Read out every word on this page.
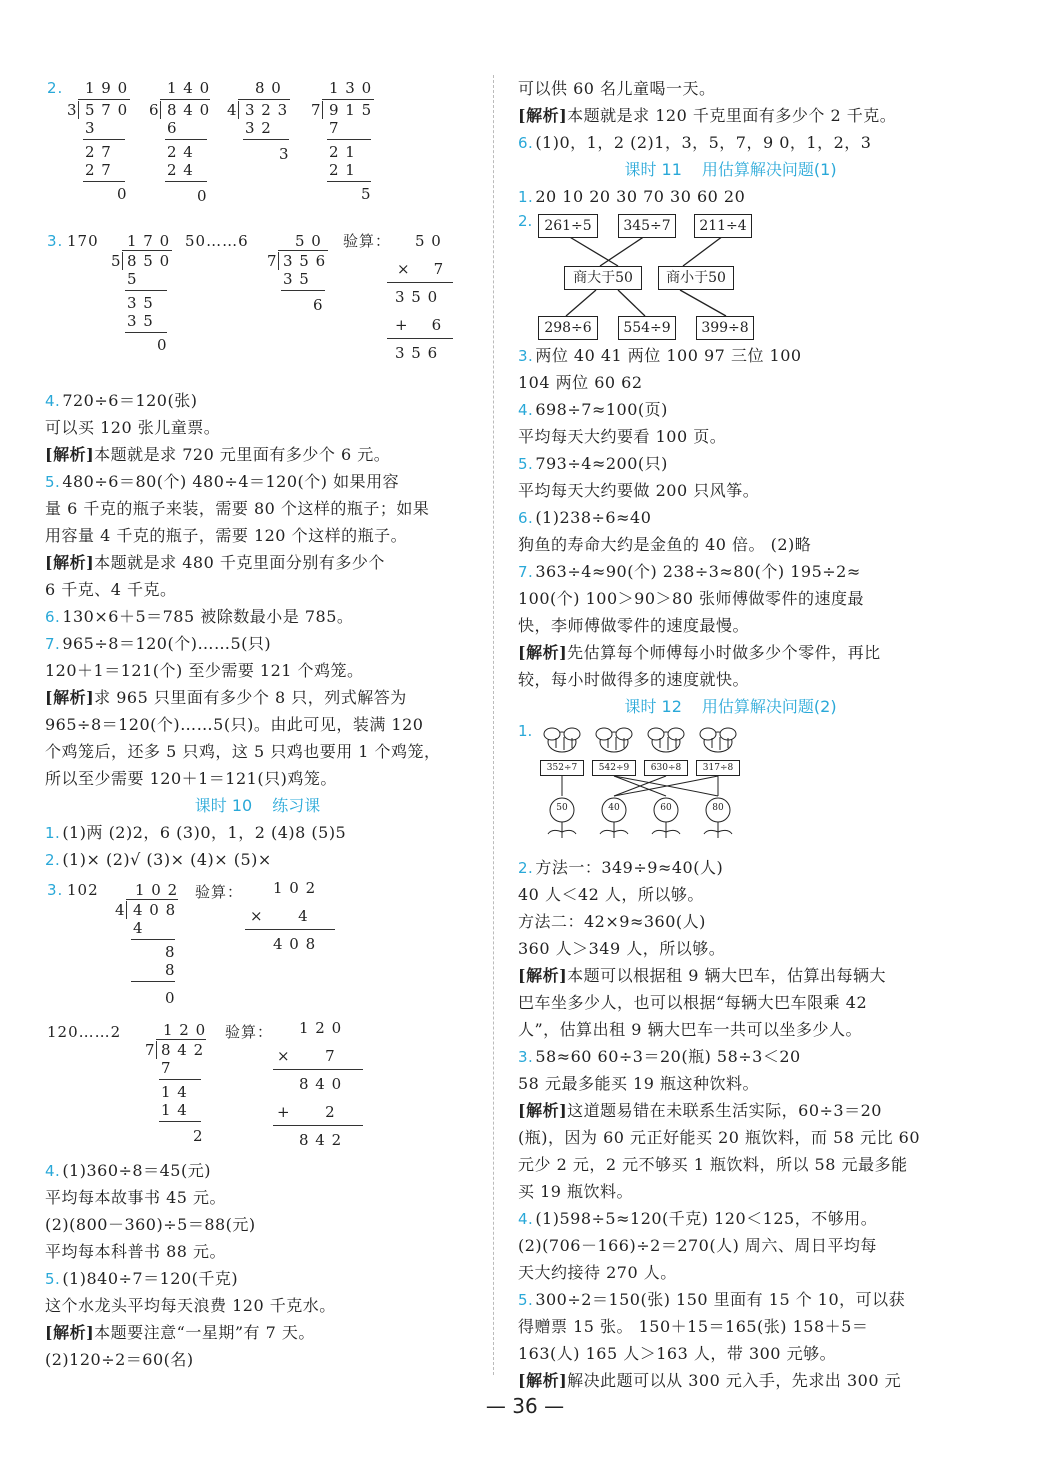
2. 1 9 0
3 5 7 0
3
2 7
2 7
0
1 4 0
6 8 4 0
6
2 4
2 4
0
8 0
4 3 2 3
3 2
3
1 3 0
7 9 1 5
7
2 1
2 1
5
3. 170 1 7 0
5 8 5 0
5
3 5
3 5
0
50……6	5 0
7 3 5 6
3 5
6
验算： 5 0
×    7
3 5 0
+    6
3 5 6
4. 720÷6＝120(张)
可以买 120 张儿童票。
[解析]本题就是求 720 元里面有多少个 6 元。
5. 480÷6＝80(个) 480÷4＝120(个) 如果用容
量 6 千克的瓶子来装，需要 80 个这样的瓶子；如果
用容量 4 千克的瓶子，需要 120 个这样的瓶子。
[解析]本题就是求 480 千克里面分别有多少个
6 千克、4 千克。
6. 130×6＋5＝785 被除数最小是 785。
7. 965÷8＝120(个)……5(只)
120＋1＝121(个) 至少需要 121 个鸡笼。
[解析]求 965 只里面有多少个 8 只，列式解答为
965÷8＝120(个)……5(只)。由此可见，装满 120
个鸡笼后，还多 5 只鸡，这 5 只鸡也要用 1 个鸡笼，
所以至少需要 120＋1＝121(只)鸡笼。
课时 10 练习课
1. (1)两 (2)2，6 (3)0，1，2 (4)8 (5)5
2. (1)× (2)√ (3)× (4)× (5)×
3. 102 1 0 2
4 4 0 8
4
8
8
0
验算： 1 0 2
×      4
4 0 8
120……2	1 2 0
7 8 4 2
7
1 4
1 4
2
验算： 1 2 0
×      7
8 4 0
+      2
8 4 2
4. (1)360÷8＝45(元)
平均每本故事书 45 元。
(2)(800－360)÷5＝88(元)
平均每本科普书 88 元。
5. (1)840÷7＝120(千克)
这个水龙头平均每天浪费 120 千克水。
[解析]本题要注意“一星期”有 7 天。
(2)120÷2＝60(名)
可以供 60 名儿童喝一天。
[解析]本题就是求 120 千克里面有多少个 2 千克。
6. (1)0，1，2 (2)1，3，5，7，9 0，1，2，3
课时 11 用估算解决问题(1)
1. 20 10 20 30 70 30 60 20
2. 261÷5	345÷7	211÷4
商大于50	商小于50
298÷6	554÷9	399÷8
3. 两位 40 41 两位 100 97 三位 100
104 两位 60 62
4. 698÷7≈100(页)
平均每天大约要看 100 页。
5. 793÷4≈200(只)
平均每天大约要做 200 只风筝。
6. (1)238÷6≈40
狗鱼的寿命大约是金鱼的 40 倍。 (2)略
7. 363÷4≈90(个) 238÷3≈80(个) 195÷2≈
100(个) 100＞90＞80 张师傅做零件的速度最
快，李师傅做零件的速度最慢。
[解析]先估算每个师傅每小时做多少个零件，再比
较，每小时做得多的速度就快。
课时 12 用估算解决问题(2)
1.
352÷7	542÷9	630÷8	317÷8
50	40	60	80
2. 方法一：349÷9≈40(人)
40 人＜42 人，所以够。
方法二：42×9≈360(人)
360 人＞349 人，所以够。
[解析]本题可以根据租 9 辆大巴车，估算出每辆大
巴车坐多少人，也可以根据“每辆大巴车限乘 42
人”，估算出租 9 辆大巴车一共可以坐多少人。
3. 58≈60 60÷3＝20(瓶) 58÷3＜20
58 元最多能买 19 瓶这种饮料。
[解析]这道题易错在未联系生活实际，60÷3＝20
(瓶)，因为 60 元正好能买 20 瓶饮料，而 58 元比 60
元少 2 元，2 元不够买 1 瓶饮料，所以 58 元最多能
买 19 瓶饮料。
4. (1)598÷5≈120(千克) 120＜125，不够用。
(2)(706－166)÷2＝270(人) 周六、周日平均每
天大约接待 270 人。
5. 300÷2＝150(张) 150 里面有 15 个 10，可以获
得赠票 15 张。 150＋15＝165(张) 158＋5＝
163(人) 165 人＞163 人，带 300 元够。
[解析]解决此题可以从 300 元入手，先求出 300 元
— 36 —
